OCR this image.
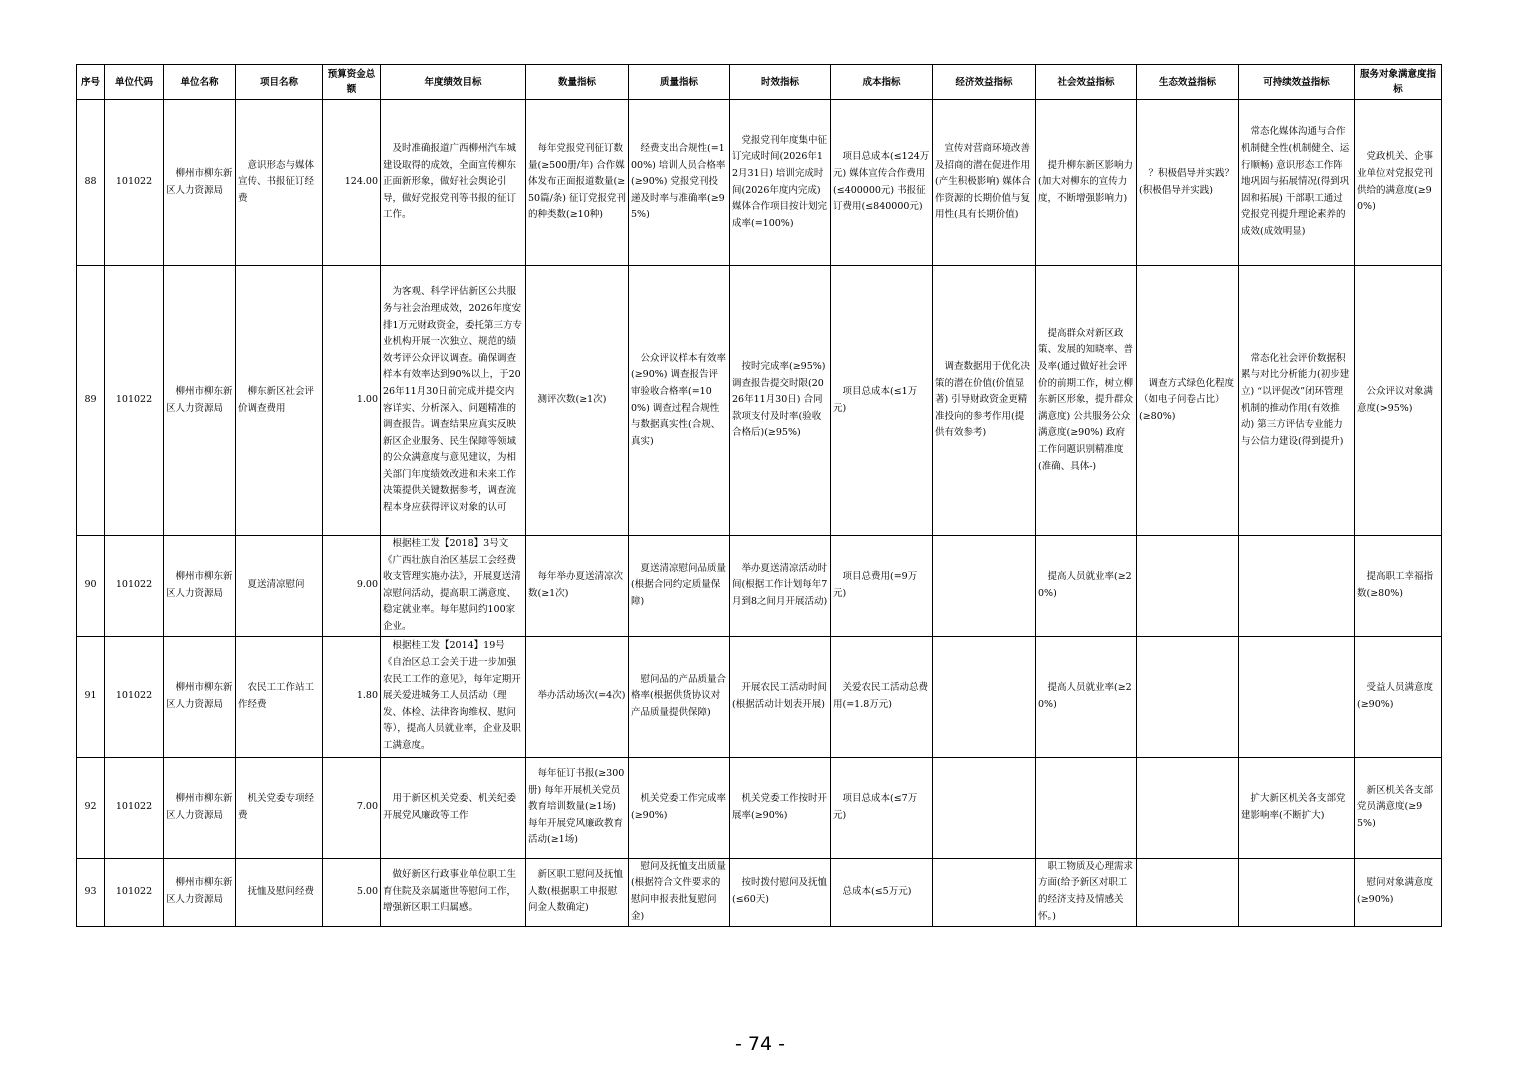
序号	单位代码	单位名称	项目名称	预算资金总额	年度绩效目标	数量指标	质量指标	时效指标	成本指标	经济效益指标	社会效益指标	生态效益指标	可持续效益指标	服务对象满意度指标
88	101022	柳州市柳东新区人力资源局	意识形态与媒体宣传、书报征订经费	124.00	及时准确报道广西柳州汽车城建设取得的成效，全面宣传柳东正面新形象，做好社会舆论引导，做好党报党刊等书报的征订工作。	每年党报党刊征订数量(≥500册/年) 合作媒体发布正面报道数量(≥50篇/条) 征订党报党刊的种类数(≥10种)	经费支出合规性(=100%) 培训人员合格率(≥90%) 党报党刊投递及时率与准确率(≥95%)	党报党刊年度集中征订完成时间(2026年12月31日) 培训完成时间(2026年度内完成) 媒体合作项目按计划完成率(=100%)	项目总成本(≤124万元) 媒体宣传合作费用(≤400000元) 书报征订费用(≤840000元)	宣传对营商环境改善及招商的潜在促进作用(产生积极影响) 媒体合作资源的长期价值与复用性(具有长期价值)	提升柳东新区影响力(加大对柳东的宣传力度，不断增强影响力)	？积极倡导并实践？(积极倡导并实践)	常态化媒体沟通与合作机制健全性(机制健全、运行顺畅) 意识形态工作阵地巩固与拓展情况(得到巩固和拓展) 干部职工通过党报党刊提升理论素养的成效(成效明显)	党政机关、企事业单位对党报党刊供给的满意度(≥90%)
89	101022	柳州市柳东新区人力资源局	柳东新区社会评价调查费用	1.00	为客观、科学评估新区公共服务与社会治理成效，2026年度安排1万元财政资金，委托第三方专业机构开展一次独立、规范的绩效考评公众评议调查。确保调查样本有效率达到90%以上，于2026年11月30日前完成并提交内容详实、分析深入、问题精准的调查报告。调查结果应真实反映新区企业服务、民生保障等领域的公众满意度与意见建议，为相关部门年度绩效改进和未来工作决策提供关键数据参考，调查流程本身应获得评议对象的认可	测评次数(≥1次)	公众评议样本有效率(≥90%) 调查报告评审验收合格率(=100%) 调查过程合规性与数据真实性(合规、真实)	按时完成率(≥95%) 调查报告提交时限(2026年11月30日) 合同款项支付及时率(验收合格后)(≥95%)	项目总成本(≤1万元)	调查数据用于优化决策的潜在价值(价值显著) 引导财政资金更精准投向的参考作用(提供有效参考)	提高群众对新区政策、发展的知晓率、普及率(通过做好社会评价的前期工作，树立柳东新区形象，提升群众满意度) 公共服务公众满意度(≥90%) 政府工作问题识别精准度(准确、具体-)	调查方式绿色化程度（如电子问卷占比）(≥80%)	常态化社会评价数据积累与对比分析能力(初步建立) “以评促改”闭环管理机制的推动作用(有效推动) 第三方评估专业能力与公信力建设(得到提升)	公众评议对象满意度(>95%)
90	101022	柳州市柳东新区人力资源局	夏送清凉慰问	9.00	根据桂工发【2018】3号文《广西壮族自治区基层工会经费收支管理实施办法》，开展夏送清凉慰问活动，提高职工满意度、稳定就业率。每年慰问约100家企业。	每年举办夏送清凉次数(≥1次)	夏送清凉慰问品质量(根据合同约定质量保障)	举办夏送清凉活动时间(根据工作计划每年7月到8之间月开展活动)	项目总费用(=9万元)		提高人员就业率(≥20%)			提高职工幸福指数(≥80%)
91	101022	柳州市柳东新区人力资源局	农民工工作站工作经费	1.80	根据桂工发【2014】19号《自治区总工会关于进一步加强农民工工作的意见》，每年定期开展关爱进城务工人员活动（理发、体检、法律咨询维权、慰问等），提高人员就业率，企业及职工满意度。	举办活动场次(=4次)	慰问品的产品质量合格率(根据供货协议对产品质量提供保障)	开展农民工活动时间(根据活动计划表开展)	关爱农民工活动总费用(=1.8万元)		提高人员就业率(≥20%)			受益人员满意度(≥90%)
92	101022	柳州市柳东新区人力资源局	机关党委专项经费	7.00	用于新区机关党委、机关纪委开展党风廉政等工作	每年征订书报(≥300册) 每年开展机关党员教育培训数量(≥1场) 每年开展党风廉政教育活动(≥1场)	机关党委工作完成率(≥90%)	机关党委工作按时开展率(≥90%)	项目总成本(≤7万元)				扩大新区机关各支部党建影响率(不断扩大)	新区机关各支部党员满意度(≥95%)
93	101022	柳州市柳东新区人力资源局	抚恤及慰问经费	5.00	做好新区行政事业单位职工生育住院及亲属逝世等慰问工作，增强新区职工归属感。	新区职工慰问及抚恤人数(根据职工申报慰问金人数确定)	慰问及抚恤支出质量(根据符合文件要求的慰问申报表批复慰问金)	按时拨付慰问及抚恤(≤60天)	总成本(≤5万元)		职工物质及心理需求方面(给予新区对职工的经济支持及情感关怀。)			慰问对象满意度(≥90%)
- 74 -
